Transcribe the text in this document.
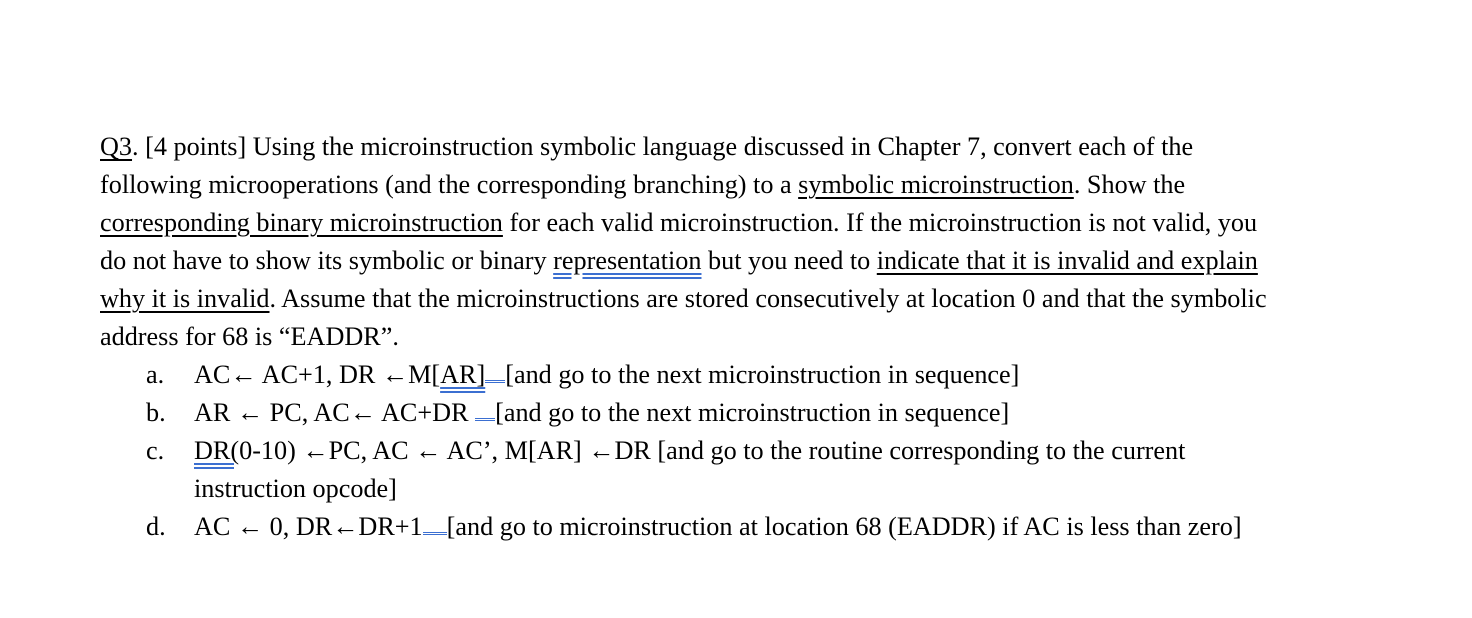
Q3. [4 points] Using the microinstruction symbolic language discussed in Chapter 7, convert each of the
following microoperations (and the corresponding branching) to a symbolic microinstruction. Show the
corresponding binary microinstruction for each valid microinstruction. If the microinstruction is not valid, you
do not have to show its symbolic or binary representation but you need to indicate that it is invalid and explain
why it is invalid. Assume that the microinstructions are stored consecutively at location 0 and that the symbolic
address for 68 is “EADDR”.

a. AC← AC+1, DR ←M[AR] [and go to the next microinstruction in sequence]
b. AR ← PC, AC← AC+DR [and go to the next microinstruction in sequence]
c. DR(0-10) ←PC, AC ← AC’, M[AR] ←DR [and go to the routine corresponding to the current
instruction opcode]
d. AC ← 0, DR←DR+1 [and go to microinstruction at location 68 (EADDR) if AC is less than zero]
